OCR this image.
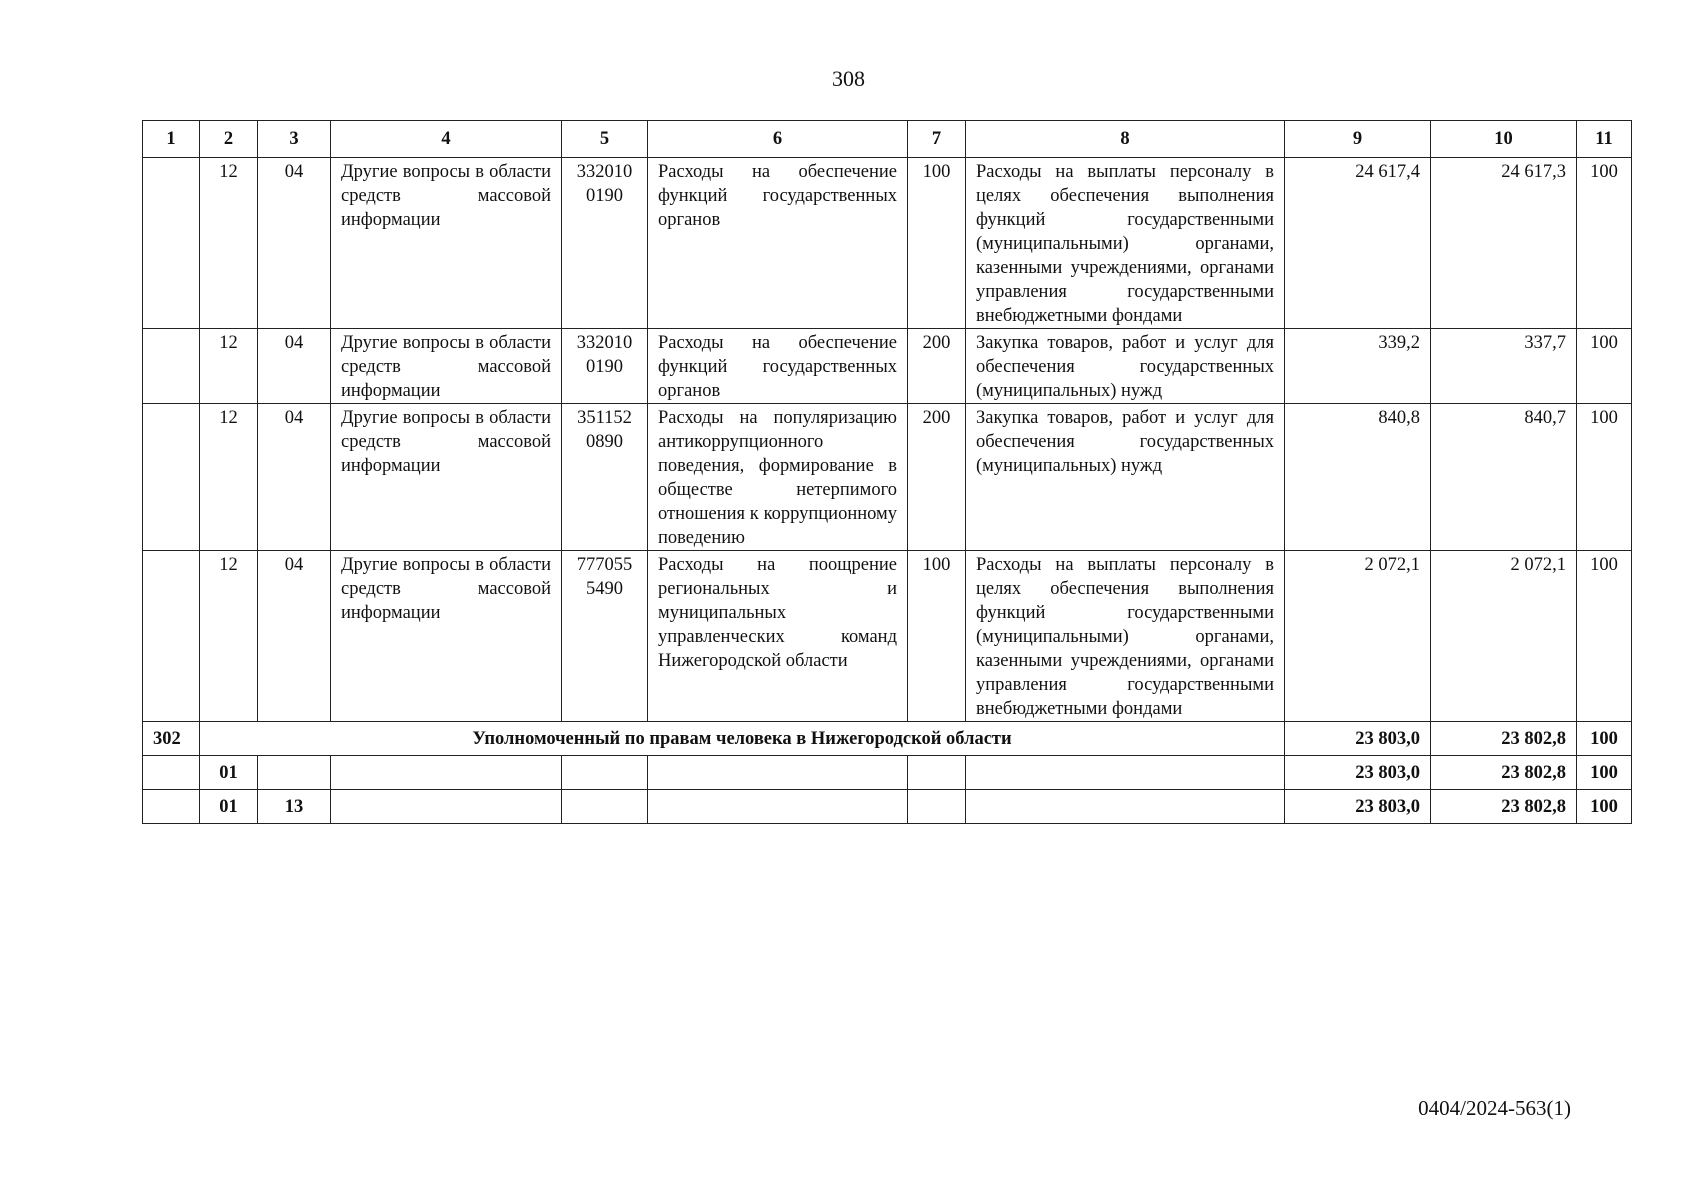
308
1	2	3	4	5	6	7	8	9	10	11
	12	04	Другие вопросы в области средств массовой информации	332010 0190	Расходы на обеспечение функций государственных органов	100	Расходы на выплаты персоналу в целях обеспечения выполнения функций государственными (муниципальными) органами, казенными учреждениями, органами управления государственными внебюджетными фондами	24 617,4	24 617,3	100
	12	04	Другие вопросы в области средств массовой информации	332010 0190	Расходы на обеспечение функций государственных органов	200	Закупка товаров, работ и услуг для обеспечения государственных (муниципальных) нужд	339,2	337,7	100
	12	04	Другие вопросы в области средств массовой информации	351152 0890	Расходы на популяризацию антикоррупционного поведения, формирование в обществе нетерпимого отношения к коррупционному поведению	200	Закупка товаров, работ и услуг для обеспечения государственных (муниципальных) нужд	840,8	840,7	100
	12	04	Другие вопросы в области средств массовой информации	777055 5490	Расходы на поощрение региональных и муниципальных управленческих команд Нижегородской области	100	Расходы на выплаты персоналу в целях обеспечения выполнения функций государственными (муниципальными) органами, казенными учреждениями, органами управления государственными внебюджетными фондами	2 072,1	2 072,1	100
302	Уполномоченный по правам человека в Нижегородской области							23 803,0	23 802,8	100
	01							23 803,0	23 802,8	100
	01	13						23 803,0	23 802,8	100
0404/2024-563(1)
